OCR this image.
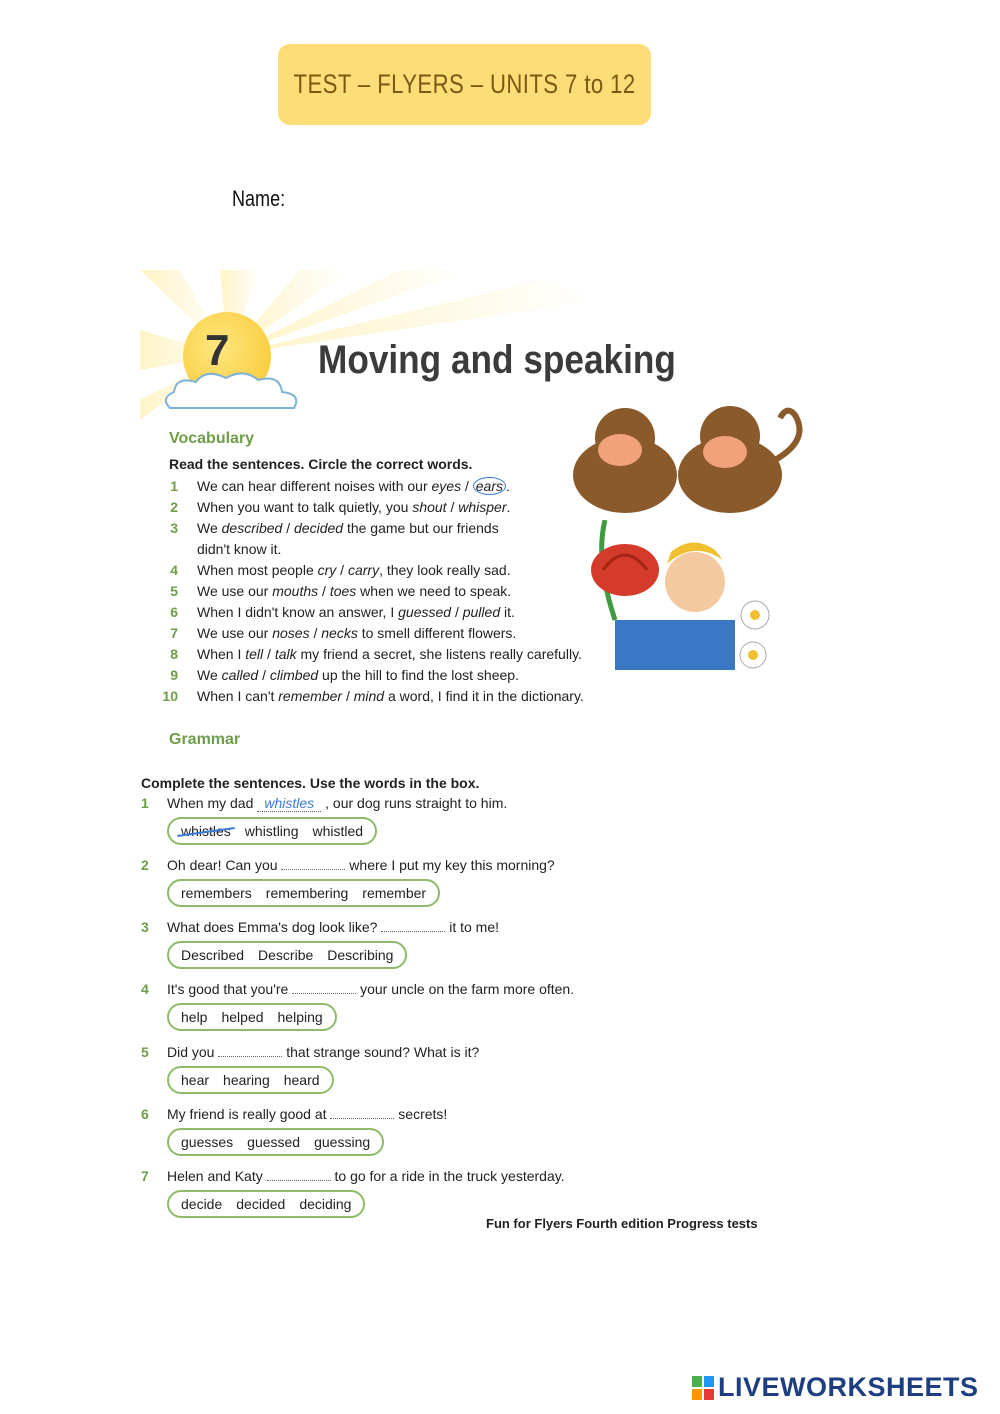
TEST – FLYERS – UNITS 7 to 12
Name:
7 Moving and speaking
Vocabulary
Read the sentences. Circle the correct words.
1 We can hear different noises with our eyes / ears .
2 When you want to talk quietly, you shout / whisper.
3 We described / decided the game but our friends didn't know it.
4 When most people cry / carry, they look really sad.
5 We use our mouths / toes when we need to speak.
6 When I didn't know an answer, I guessed / pulled it.
7 We use our noses / necks to smell different flowers.
8 When I tell / talk my friend a secret, she listens really carefully.
9 We called / climbed up the hill to find the lost sheep.
10 When I can't remember / mind a word, I find it in the dictionary.
Grammar
Complete the sentences. Use the words in the box.
1 When my dad whistles , our dog runs straight to him.
whistles whistling whistled
2 Oh dear! Can you	where I put my key this morning?
remembers remembering remember
3 What does Emma's dog look like?	it to me!
Described Describe Describing
4 It's good that you're	your uncle on the farm more often.
help helped helping
5 Did you	that strange sound? What is it?
hear hearing heard
6 My friend is really good at	secrets!
guesses guessed guessing
7 Helen and Katy	to go for a ride in the truck yesterday.
decide decided deciding
Fun for Flyers Fourth edition Progress tests
LIVEWORKSHEETS
